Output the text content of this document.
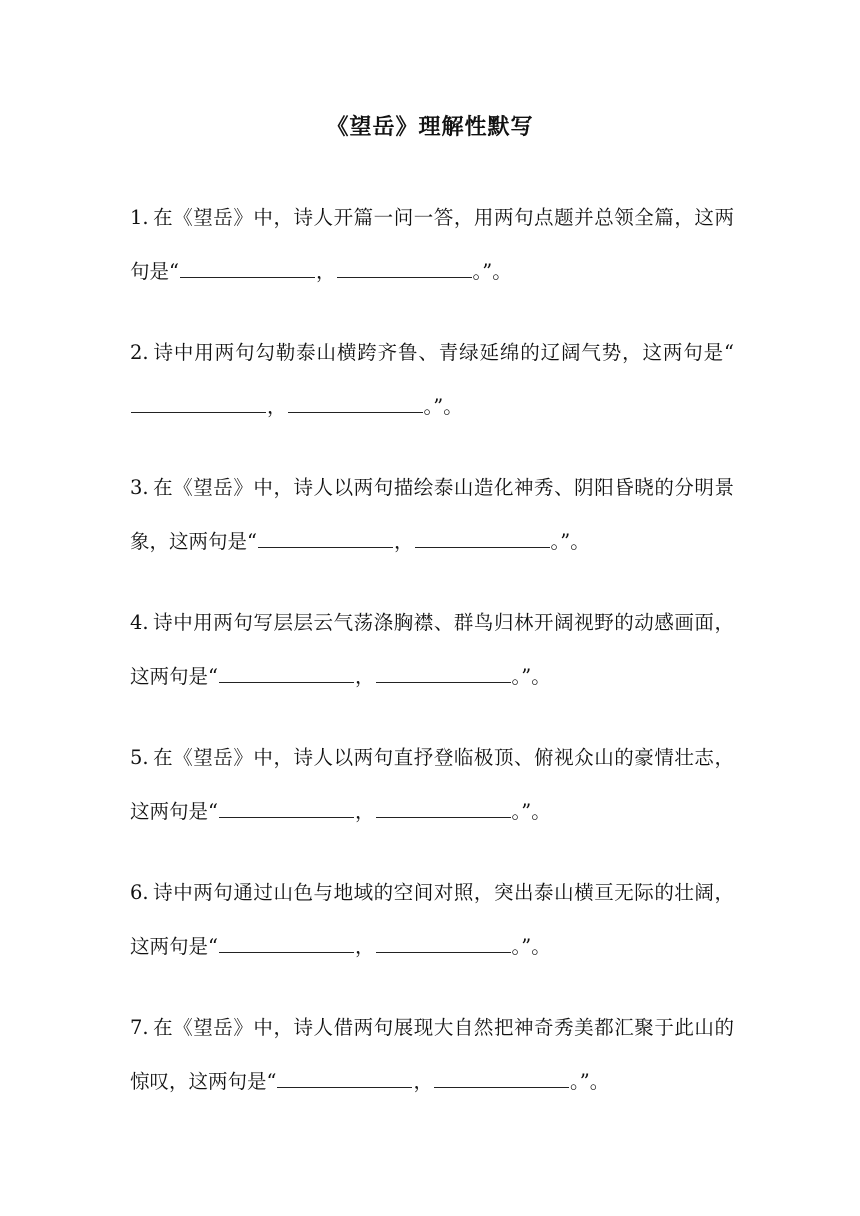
《望岳》理解性默写
1. 在《望岳》中，诗人开篇一问一答，用两句点题并总领全篇，这两句是“	，	。”。
2. 诗中用两句勾勒泰山横跨齐鲁、青绿延绵的辽阔气势，这两句是“，	。”。
3. 在《望岳》中，诗人以两句描绘泰山造化神秀、阴阳昏晓的分明景象，这两句是“	，	。”。
4. 诗中用两句写层层云气荡涤胸襟、群鸟归林开阔视野的动感画面，这两句是“	，	。”。
5. 在《望岳》中，诗人以两句直抒登临极顶、俯视众山的豪情壮志，这两句是“	，	。”。
6. 诗中两句通过山色与地域的空间对照，突出泰山横亘无际的壮阔，这两句是“	，	。”。
7. 在《望岳》中，诗人借两句展现大自然把神奇秀美都汇聚于此山的惊叹，这两句是“	，	。”。
